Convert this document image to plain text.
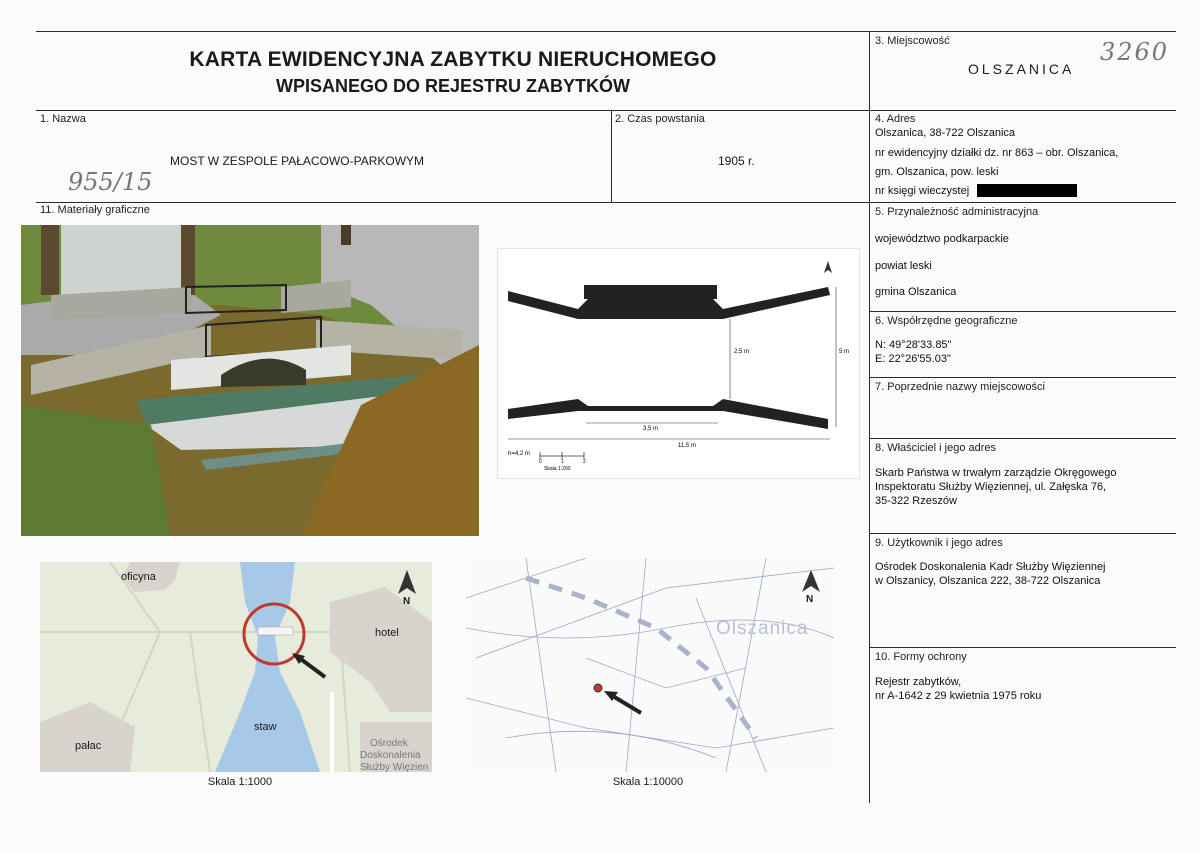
KARTA EWIDENCYJNA ZABYTKU NIERUCHOMEGO
WPISANEGO DO REJESTRU ZABYTKÓW
3. Miejscowość
OLSZANICA
3260
4. Adres
Olszanica, 38-722 Olszanica
nr ewidencyjny działki dz. nr 863 – obr. Olszanica,
gm. Olszanica, pow. leski
nr księgi wieczystej
5. Przynależność administracyjna
województwo podkarpackie
powiat leski
gmina Olszanica
6. Współrzędne geograficzne
N: 49°28'33.85"
E: 22°26'55.03"
7. Poprzednie nazwy miejscowości
8. Właściciel i jego adres
Skarb Państwa w trwałym zarządzie Okręgowego
Inspektoratu Służby Więziennej, ul. Załęska 76,
35-322 Rzeszów
9. Użytkownik i jego adres
Ośrodek Doskonalenia Kadr Służby Więziennej
w Olszanicy, Olszanica 222, 38-722 Olszanica
10. Formy ochrony
Rejestr zabytków,
nr A-1642 z 29 kwietnia 1975 roku
1. Nazwa
MOST W ZESPOLE PAŁACOWO-PARKOWYM
955/15
2. Czas powstania
1905 r.
11. Materiały graficzne
2,5 m	5 m
3,5 m
11,5 m
h=4,2 m
0	1	2
Skala 1:200
oficyna
hotel
staw
pałac	Ośrodek
Doskonalenia
Służby Więzien
N
Skala 1:1000
Olszanica
N
Skala 1:10000
